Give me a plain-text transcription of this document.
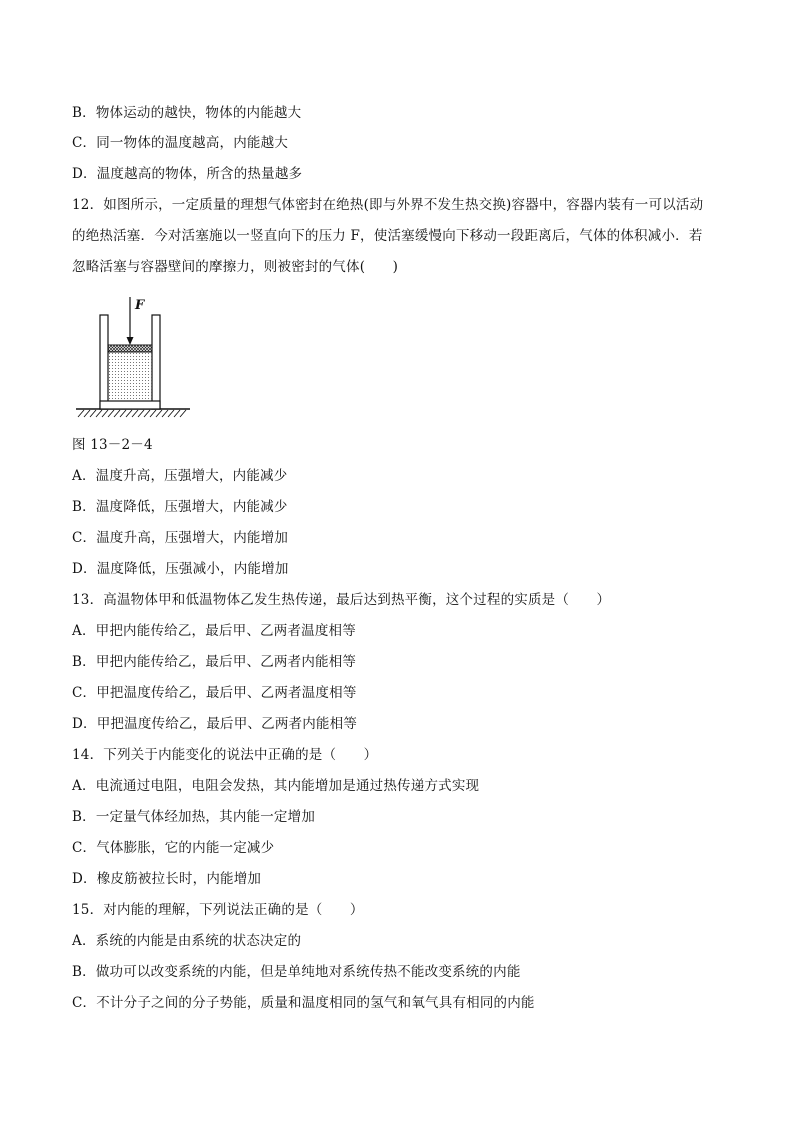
B．物体运动的越快，物体的内能越大
C．同一物体的温度越高，内能越大
D．温度越高的物体，所含的热量越多
12．如图所示，一定质量的理想气体密封在绝热(即与外界不发生热交换)容器中，容器内装有一可以活动
的绝热活塞．今对活塞施以一竖直向下的压力 F，使活塞缓慢向下移动一段距离后，气体的体积减小．若
忽略活塞与容器壁间的摩擦力，则被密封的气体(　　)
F
图 13－2－4
A．温度升高，压强增大，内能减少
B．温度降低，压强增大，内能减少
C．温度升高，压强增大，内能增加
D．温度降低，压强减小，内能增加
13．高温物体甲和低温物体乙发生热传递，最后达到热平衡，这个过程的实质是（　　）
A．甲把内能传给乙，最后甲、乙两者温度相等
B．甲把内能传给乙，最后甲、乙两者内能相等
C．甲把温度传给乙，最后甲、乙两者温度相等
D．甲把温度传给乙，最后甲、乙两者内能相等
14．下列关于内能变化的说法中正确的是（　　）
A．电流通过电阻，电阻会发热，其内能增加是通过热传递方式实现
B．一定量气体经加热，其内能一定增加
C．气体膨胀，它的内能一定减少
D．橡皮筋被拉长时，内能增加
15．对内能的理解，下列说法正确的是（　　）
A．系统的内能是由系统的状态决定的
B．做功可以改变系统的内能，但是单纯地对系统传热不能改变系统的内能
C．不计分子之间的分子势能，质量和温度相同的氢气和氧气具有相同的内能
